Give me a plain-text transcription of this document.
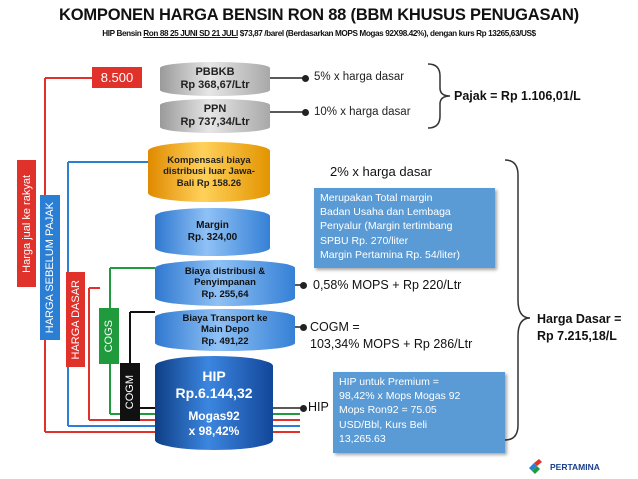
KOMPONEN HARGA BENSIN RON 88 (BBM KHUSUS PENUGASAN)
HIP Bensin Ron 88 25 JUNI SD 21 JULI $73,87 /barel (Berdasarkan MOPS Mogas 92X98.42%), dengan kurs Rp 13265,63/US$
Harga jual ke rakyat HARGA SEBELUM PAJAK HARGA DASAR COGS
COGM
8.500	PBBKB
Rp 368,67/Ltr
PPN
Rp 737,34/Ltr
Kompensasi biaya
distribusi luar Jawa-
Bali Rp 158.26
Margin
Rp. 324,00
Biaya distribusi &
Penyimpanan
Rp. 255,64
Biaya Transport ke
Main Depo
Rp. 491,22
HIP
Rp.6.144,32
Mogas92
x 98,42%
5% x harga dasar
10% x harga dasar
Pajak = Rp 1.106,01/L
2% x harga dasar
Merupakan Total margin
Badan Usaha dan Lembaga
Penyalur (Margin tertimbang
SPBU Rp. 270/liter
Margin Pertamina Rp. 54/liter)
0,58% MOPS + Rp 220/Ltr
COGM =
103,34% MOPS + Rp 286/Ltr
HIP
HIP untuk Premium =
98,42% x Mops Mogas 92
Mops Ron92 = 75.05
USD/Bbl, Kurs Beli
13,265.63
Harga Dasar =
Rp 7.215,18/L
PERTAMINA
